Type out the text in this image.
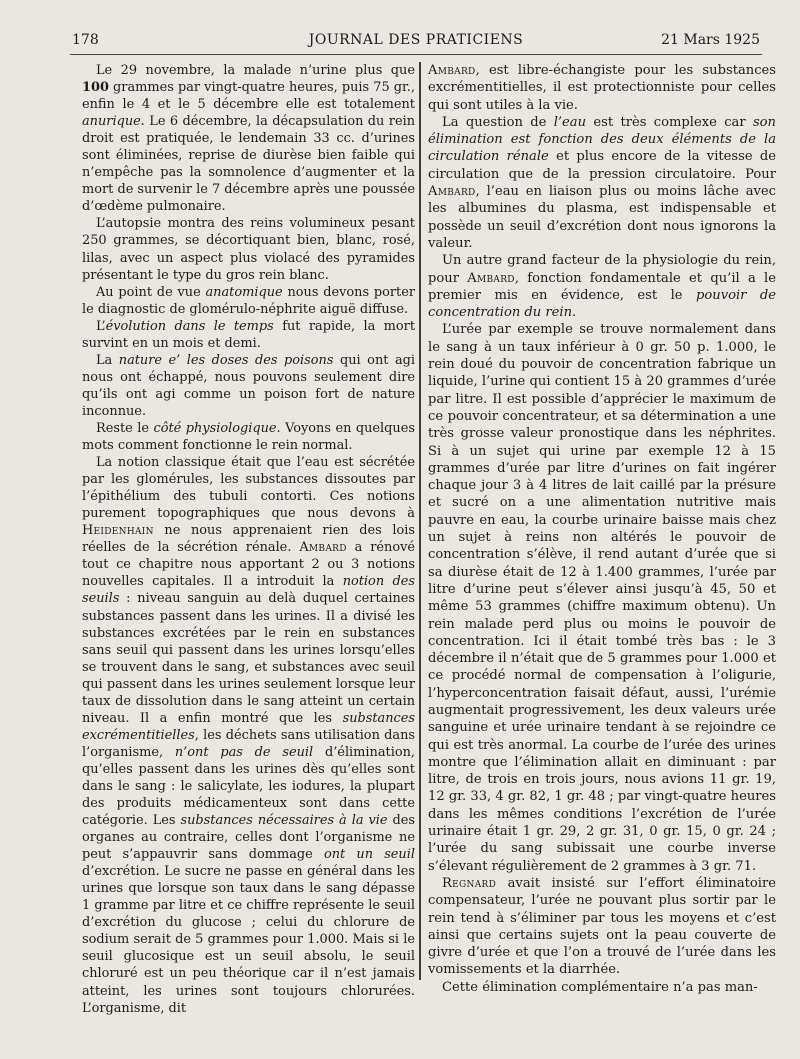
178	JOURNAL DES PRATICIENS	21 Mars 1925

Le 29 novembre, la malade n’urine plus que 100 grammes par vingt-quatre heures, puis 75 gr., enfin le 4 et le 5 décembre elle est totalement anurique. Le 6 décembre, la décapsulation du rein droit est pratiquée, le lendemain 33 cc. d’urines sont éliminées, reprise de diurèse bien faible qui n’empêche pas la somnolence d’augmenter et la mort de survenir le 7 décembre après une poussée d’œdème pulmonaire.

L’autopsie montra des reins volumineux pesant 250 grammes, se décortiquant bien, blanc, rosé, lilas, avec un aspect plus violacé des pyramides présentant le type du gros rein blanc.

Au point de vue anatomique nous devons porter le diagnostic de glomérulo-néphrite aiguë diffuse.

L’évolution dans le temps fut rapide, la mort survint en un mois et demi.

La nature e’ les doses des poisons qui ont agi nous ont échappé, nous pouvons seulement dire qu’ils ont agi comme un poison fort de nature inconnue.

Reste le côté physiologique. Voyons en quelques mots comment fonctionne le rein normal.

La notion classique était que l’eau est sécrétée par les glomérules, les substances dissoutes par l’épithélium des tubuli contorti. Ces notions purement topographiques que nous devons à Heidenhain ne nous apprenaient rien des lois réelles de la sécrétion rénale. Ambard a rénové tout ce chapitre nous apportant 2 ou 3 notions nouvelles capitales. Il a introduit la notion des seuils : niveau sanguin au delà duquel certaines substances passent dans les urines. Il a divisé les substances excrétées par le rein en substances sans seuil qui passent dans les urines lorsqu’elles se trouvent dans le sang, et substances avec seuil qui passent dans les urines seulement lorsque leur taux de dissolution dans le sang atteint un certain niveau. Il a enfin montré que les substances excrémentitielles, les déchets sans utilisation dans l’organisme, n’ont pas de seuil d’élimination, qu’elles passent dans les urines dès qu’elles sont dans le sang : le salicylate, les iodures, la plupart des produits médicamenteux sont dans cette catégorie. Les substances nécessaires à la vie des organes au contraire, celles dont l’organisme ne peut s’appauvrir sans dommage ont un seuil d’excrétion. Le sucre ne passe en général dans les urines que lorsque son taux dans le sang dépasse 1 gramme par litre et ce chiffre représente le seuil d’excrétion du glucose ; celui du chlorure de sodium serait de 5 grammes pour 1.000. Mais si le seuil glucosique est un seuil absolu, le seuil chloruré est un peu théorique car il n’est jamais atteint, les urines sont toujours chlorurées. L’organisme, dit

Ambard, est libre-échangiste pour les substances excrémentitielles, il est protectionniste pour celles qui sont utiles à la vie.

La question de l’eau est très complexe car son élimination est fonction des deux éléments de la circulation rénale et plus encore de la vitesse de circulation que de la pression circulatoire. Pour Ambard, l’eau en liaison plus ou moins lâche avec les albumines du plasma, est indispensable et possède un seuil d’excrétion dont nous ignorons la valeur.

Un autre grand facteur de la physiologie du rein, pour Ambard, fonction fondamentale et qu’il a le premier mis en évidence, est le pouvoir de concentration du rein.

L’urée par exemple se trouve normalement dans le sang à un taux inférieur à 0 gr. 50 p. 1.000, le rein doué du pouvoir de concentration fabrique un liquide, l’urine qui contient 15 à 20 grammes d’urée par litre. Il est possible d’apprécier le maximum de ce pouvoir concentrateur, et sa détermination a une très grosse valeur pronostique dans les néphrites. Si à un sujet qui urine par exemple 12 à 15 grammes d’urée par litre d’urines on fait ingérer chaque jour 3 à 4 litres de lait caillé par la présure et sucré on a une alimentation nutritive mais pauvre en eau, la courbe urinaire baisse mais chez un sujet à reins non altérés le pouvoir de concentration s’élève, il rend autant d’urée que si sa diurèse était de 12 à 1.400 grammes, l’urée par litre d’urine peut s’élever ainsi jusqu’à 45, 50 et même 53 grammes (chiffre maximum obtenu). Un rein malade perd plus ou moins le pouvoir de concentration. Ici il était tombé très bas : le 3 décembre il n’était que de 5 grammes pour 1.000 et ce procédé normal de compensation à l’oligurie, l’hyperconcentration faisait défaut, aussi, l’urémie augmentait progressivement, les deux valeurs urée sanguine et urée urinaire tendant à se rejoindre ce qui est très anormal. La courbe de l’urée des urines montre que l’élimination allait en diminuant : par litre, de trois en trois jours, nous avions 11 gr. 19, 12 gr. 33, 4 gr. 82, 1 gr. 48 ; par vingt-quatre heures dans les mêmes conditions l’excrétion de l’urée urinaire était 1 gr. 29, 2 gr. 31, 0 gr. 15, 0 gr. 24 ; l’urée du sang subissait une courbe inverse s’élevant régulièrement de 2 grammes à 3 gr. 71.

Regnard avait insisté sur l’effort éliminatoire compensateur, l’urée ne pouvant plus sortir par le rein tend à s’éliminer par tous les moyens et c’est ainsi que certains sujets ont la peau couverte de givre d’urée et que l’on a trouvé de l’urée dans les vomissements et la diarrhée.

Cette élimination complémentaire n’a pas man-
